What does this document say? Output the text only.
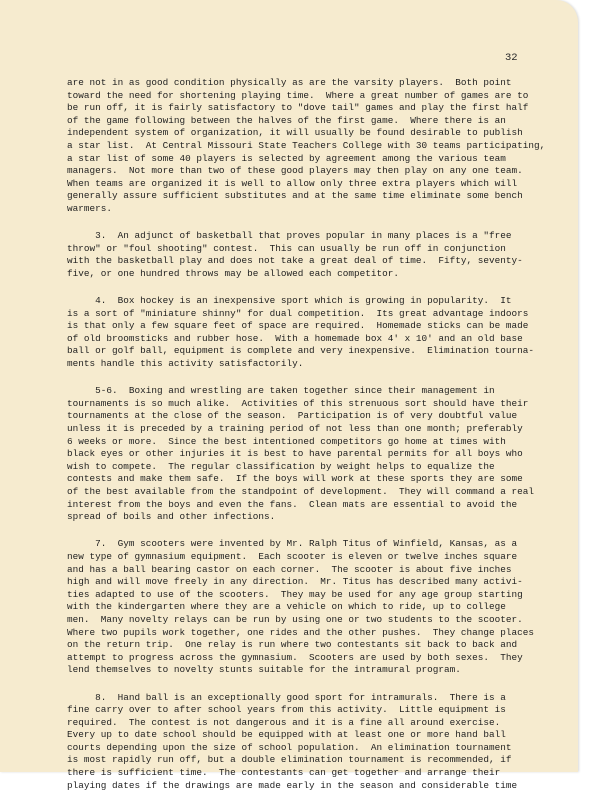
32
are not in as good condition physically as are the varsity players.  Both point
toward the need for shortening playing time.  Where a great number of games are to
be run off, it is fairly satisfactory to "dove tail" games and play the first half
of the game following between the halves of the first game.  Where there is an
independent system of organization, it will usually be found desirable to publish
a star list.  At Central Missouri State Teachers College with 30 teams participating,
a star list of some 40 players is selected by agreement among the various team
managers.  Not more than two of these good players may then play on any one team.
When teams are organized it is well to allow only three extra players which will
generally assure sufficient substitutes and at the same time eliminate some bench
warmers.
3.  An adjunct of basketball that proves popular in many places is a "free
throw" or "foul shooting" contest.  This can usually be run off in conjunction
with the basketball play and does not take a great deal of time.  Fifty, seventy-
five, or one hundred throws may be allowed each competitor.
4.  Box hockey is an inexpensive sport which is growing in popularity.  It
is a sort of "miniature shinny" for dual competition.  Its great advantage indoors
is that only a few square feet of space are required.  Homemade sticks can be made
of old broomsticks and rubber hose.  With a homemade box 4' x 10' and an old base
ball or golf ball, equipment is complete and very inexpensive.  Elimination tourna-
ments handle this activity satisfactorily.
5-6.  Boxing and wrestling are taken together since their management in
tournaments is so much alike.  Activities of this strenuous sort should have their
tournaments at the close of the season.  Participation is of very doubtful value
unless it is preceded by a training period of not less than one month; preferably
6 weeks or more.  Since the best intentioned competitors go home at times with
black eyes or other injuries it is best to have parental permits for all boys who
wish to compete.  The regular classification by weight helps to equalize the
contests and make them safe.  If the boys will work at these sports they are some
of the best available from the standpoint of development.  They will command a real
interest from the boys and even the fans.  Clean mats are essential to avoid the
spread of boils and other infections.
7.  Gym scooters were invented by Mr. Ralph Titus of Winfield, Kansas, as a
new type of gymnasium equipment.  Each scooter is eleven or twelve inches square
and has a ball bearing castor on each corner.  The scooter is about five inches
high and will move freely in any direction.  Mr. Titus has described many activi-
ties adapted to use of the scooters.  They may be used for any age group starting
with the kindergarten where they are a vehicle on which to ride, up to college
men.  Many novelty relays can be run by using one or two students to the scooter.
Where two pupils work together, one rides and the other pushes.  They change places
on the return trip.  One relay is run where two contestants sit back to back and
attempt to progress across the gymnasium.  Scooters are used by both sexes.  They
lend themselves to novelty stunts suitable for the intramural program.
8.  Hand ball is an exceptionally good sport for intramurals.  There is a
fine carry over to after school years from this activity.  Little equipment is
required.  The contest is not dangerous and it is a fine all around exercise.
Every up to date school should be equipped with at least one or more hand ball
courts depending upon the size of school population.  An elimination tournament
is most rapidly run off, but a double elimination tournament is recommended, if
there is sufficient time.  The contestants can get together and arrange their
playing dates if the drawings are made early in the season and considerable time
